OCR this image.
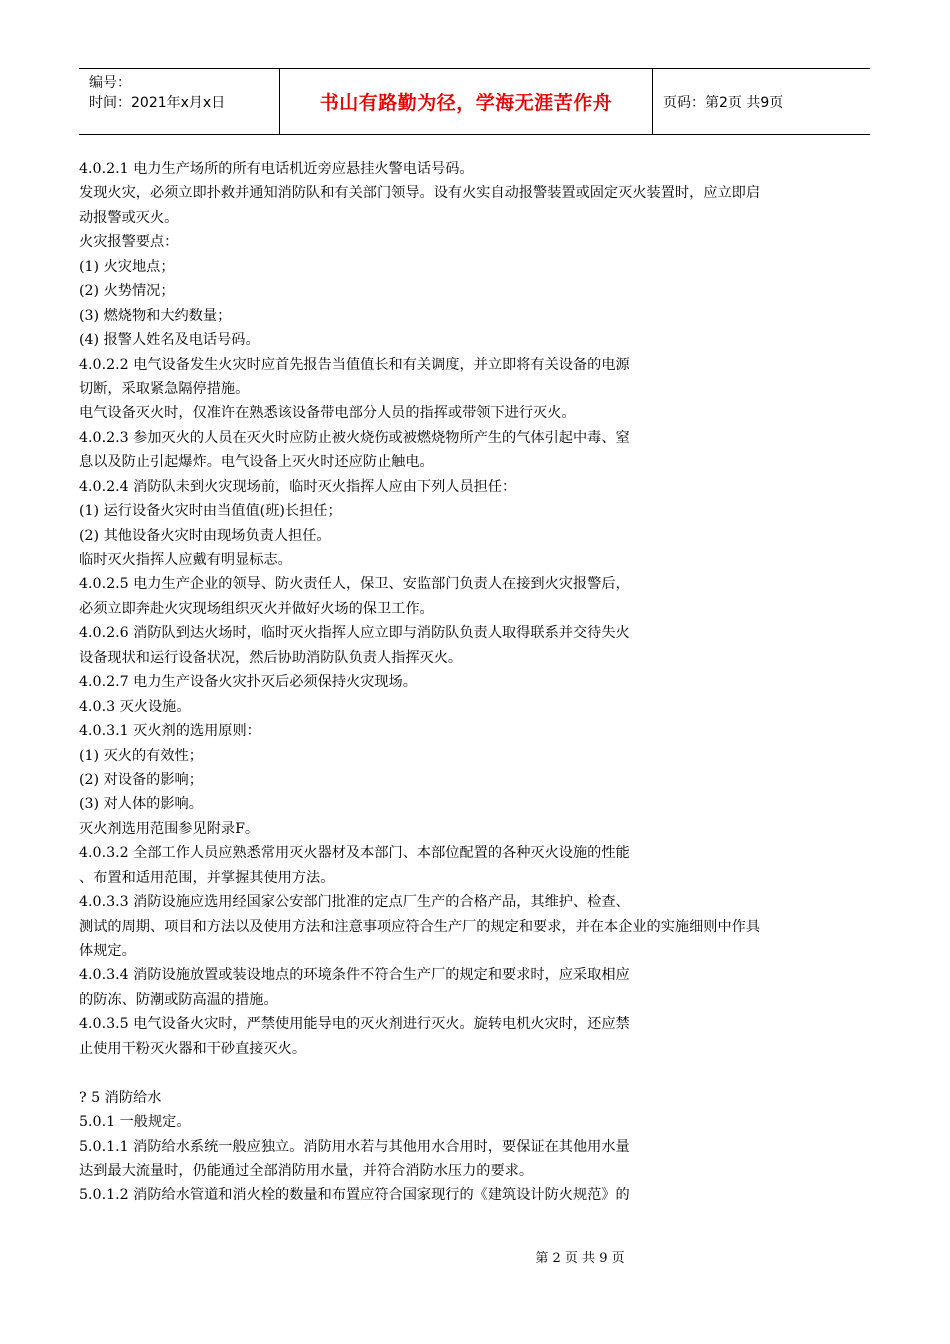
编号：
时间：2021年x月x日	书山有路勤为径，学海无涯苦作舟	页码：第2页 共9页
4.0.2.1 电力生产场所的所有电话机近旁应悬挂火警电话号码。
发现火灾，必须立即扑救并通知消防队和有关部门领导。设有火实自动报警装置或固定灭火装置时，应立即启
动报警或灭火。
火灾报警要点：
(1) 火灾地点；
(2) 火势情况；
(3) 燃烧物和大约数量；
(4) 报警人姓名及电话号码。
4.0.2.2 电气设备发生火灾时应首先报告当值值长和有关调度，并立即将有关设备的电源
切断，采取紧急隔停措施。
电气设备灭火时，仅准许在熟悉该设备带电部分人员的指挥或带领下进行灭火。
4.0.2.3 参加灭火的人员在灭火时应防止被火烧伤或被燃烧物所产生的气体引起中毒、窒
息以及防止引起爆炸。电气设备上灭火时还应防止触电。
4.0.2.4 消防队未到火灾现场前，临时灭火指挥人应由下列人员担任：
(1) 运行设备火灾时由当值值(班)长担任；
(2) 其他设备火灾时由现场负责人担任。
临时灭火指挥人应戴有明显标志。
4.0.2.5 电力生产企业的领导、防火责任人，保卫、安监部门负责人在接到火灾报警后，
必须立即奔赴火灾现场组织灭火并做好火场的保卫工作。
4.0.2.6 消防队到达火场时，临时灭火指挥人应立即与消防队负责人取得联系并交待失火
设备现状和运行设备状况，然后协助消防队负责人指挥灭火。
4.0.2.7 电力生产设备火灾扑灭后必须保持火灾现场。
4.0.3 灭火设施。
4.0.3.1 灭火剂的选用原则：
(1) 灭火的有效性；
(2) 对设备的影响；
(3) 对人体的影响。
灭火剂选用范围参见附录F。
4.0.3.2 全部工作人员应熟悉常用灭火器材及本部门、本部位配置的各种灭火设施的性能
、布置和适用范围，并掌握其使用方法。
4.0.3.3 消防设施应选用经国家公安部门批准的定点厂生产的合格产品，其维护、检查、
测试的周期、项目和方法以及使用方法和注意事项应符合生产厂的规定和要求，并在本企业的实施细则中作具
体规定。
4.0.3.4 消防设施放置或装设地点的环境条件不符合生产厂的规定和要求时，应采取相应
的防冻、防潮或防高温的措施。
4.0.3.5 电气设备火灾时，严禁使用能导电的灭火剂进行灭火。旋转电机火灾时，还应禁
止使用干粉灭火器和干砂直接灭火。
? 5 消防给水
5.0.1 一般规定。
5.0.1.1 消防给水系统一般应独立。消防用水若与其他用水合用时，要保证在其他用水量
达到最大流量时，仍能通过全部消防用水量，并符合消防水压力的要求。
5.0.1.2 消防给水管道和消火栓的数量和布置应符合国家现行的《建筑设计防火规范》的
第 2 页 共 9 页
